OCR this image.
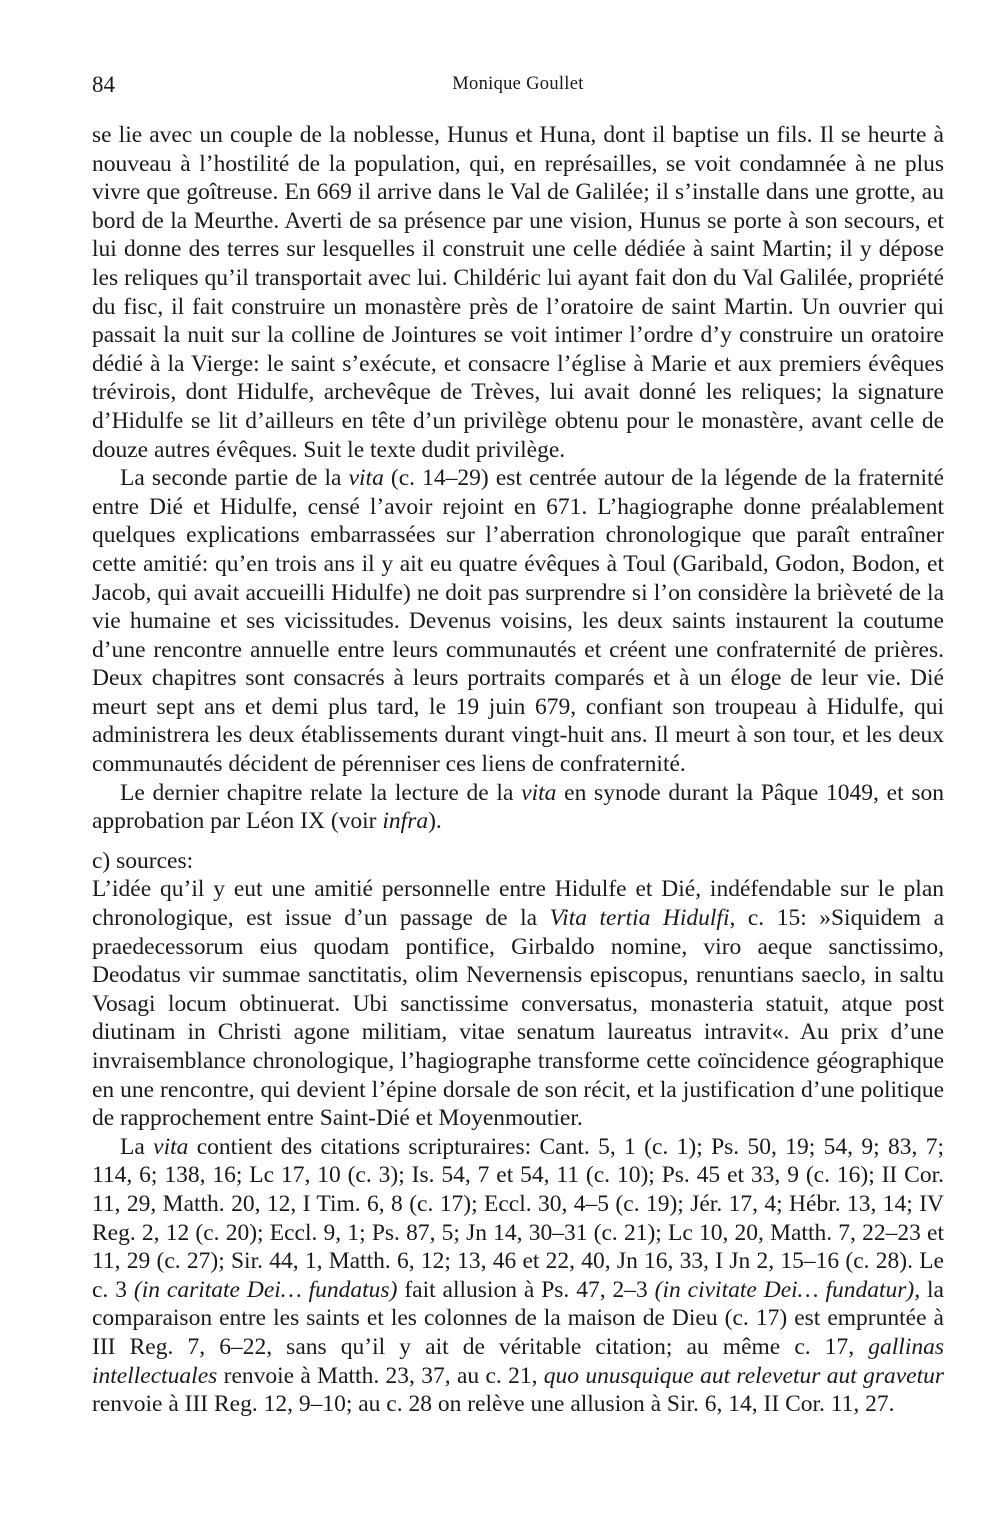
84	Monique Goullet

se lie avec un couple de la noblesse, Hunus et Huna, dont il baptise un fils. Il se heurte à nouveau à l’hostilité de la population, qui, en représailles, se voit condamnée à ne plus vivre que goîtreuse. En 669 il arrive dans le Val de Galilée; il s’installe dans une grotte, au bord de la Meurthe. Averti de sa présence par une vision, Hunus se porte à son secours, et lui donne des terres sur lesquelles il construit une celle dédiée à saint Martin; il y dépose les reliques qu’il transportait avec lui. Childéric lui ayant fait don du Val Galilée, propriété du fisc, il fait construire un monastère près de l’oratoire de saint Martin. Un ouvrier qui passait la nuit sur la colline de Jointures se voit intimer l’ordre d’y construire un oratoire dédié à la Vierge: le saint s’exécute, et consacre l’église à Marie et aux premiers évêques trévirois, dont Hidulfe, archevêque de Trèves, lui avait donné les reliques; la signature d’Hidulfe se lit d’ailleurs en tête d’un privilège obtenu pour le monastère, avant celle de douze autres évêques. Suit le texte dudit privilège.

La seconde partie de la vita (c. 14–29) est centrée autour de la légende de la fraternité entre Dié et Hidulfe, censé l’avoir rejoint en 671. L’hagiographe donne préalablement quelques explications embarrassées sur l’aberration chronologique que paraît entraîner cette amitié: qu’en trois ans il y ait eu quatre évêques à Toul (Garibald, Godon, Bodon, et Jacob, qui avait accueilli Hidulfe) ne doit pas surprendre si l’on considère la brièveté de la vie humaine et ses vicissitudes. Devenus voisins, les deux saints instaurent la coutume d’une rencontre annuelle entre leurs communautés et créent une confraternité de prières. Deux chapitres sont consacrés à leurs portraits comparés et à un éloge de leur vie. Dié meurt sept ans et demi plus tard, le 19 juin 679, confiant son troupeau à Hidulfe, qui administrera les deux établissements durant vingt-huit ans. Il meurt à son tour, et les deux communautés décident de pérenniser ces liens de confraternité.

Le dernier chapitre relate la lecture de la vita en synode durant la Pâque 1049, et son approbation par Léon IX (voir infra).

c) sources:

L’idée qu’il y eut une amitié personnelle entre Hidulfe et Dié, indéfendable sur le plan chronologique, est issue d’un passage de la Vita tertia Hidulfi, c. 15: »Siquidem a praedecessorum eius quodam pontifice, Girbaldo nomine, viro aeque sanctissimo, Deodatus vir summae sanctitatis, olim Nevernensis episcopus, renuntians saeclo, in saltu Vosagi locum obtinuerat. Ubi sanctissime conversatus, monasteria statuit, atque post diutinam in Christi agone militiam, vitae senatum laureatus intravit«. Au prix d’une invraisemblance chronologique, l’hagiographe transforme cette coïncidence géographique en une rencontre, qui devient l’épine dorsale de son récit, et la justification d’une politique de rapprochement entre Saint-Dié et Moyenmoutier.

La vita contient des citations scripturaires: Cant. 5, 1 (c. 1); Ps. 50, 19; 54, 9; 83, 7; 114, 6; 138, 16; Lc 17, 10 (c. 3); Is. 54, 7 et 54, 11 (c. 10); Ps. 45 et 33, 9 (c. 16); II Cor. 11, 29, Matth. 20, 12, I Tim. 6, 8 (c. 17); Eccl. 30, 4–5 (c. 19); Jér. 17, 4; Hébr. 13, 14; IV Reg. 2, 12 (c. 20); Eccl. 9, 1; Ps. 87, 5; Jn 14, 30–31 (c. 21); Lc 10, 20, Matth. 7, 22–23 et 11, 29 (c. 27); Sir. 44, 1, Matth. 6, 12; 13, 46 et 22, 40, Jn 16, 33, I Jn 2, 15–16 (c. 28). Le c. 3 (in caritate Dei… fundatus) fait allusion à Ps. 47, 2–3 (in civitate Dei… fundatur), la comparaison entre les saints et les colonnes de la maison de Dieu (c. 17) est empruntée à III Reg. 7, 6–22, sans qu’il y ait de véritable citation; au même c. 17, gallinas intellectuales renvoie à Matth. 23, 37, au c. 21, quo unusquique aut relevetur aut gravetur renvoie à III Reg. 12, 9–10; au c. 28 on relève une allusion à Sir. 6, 14, II Cor. 11, 27.
